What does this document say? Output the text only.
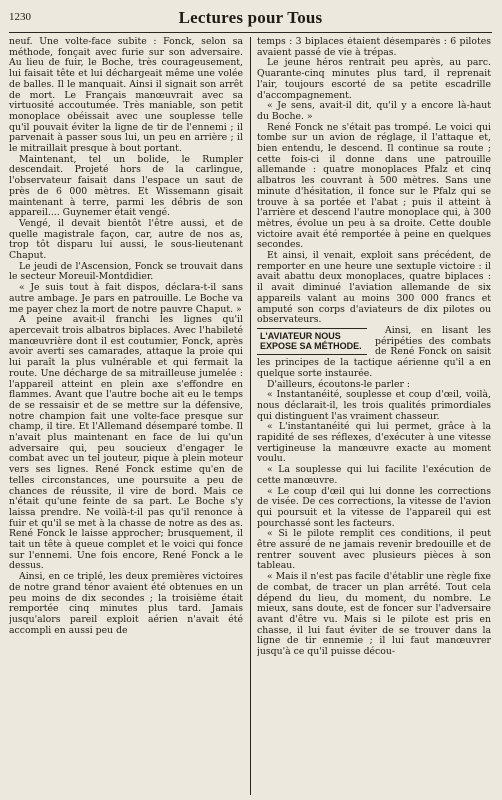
1230	Lectures pour Tous

neuf. Une volte-face subite : Fonck, selon sa méthode, fonçait avec furie sur son adversaire. Au lieu de fuir, le Boche, très courageusement, lui faisait tête et lui déchargeait même une volée de balles. Il le manquait. Ainsi il signait son arrêt de mort. Le Français manœuvrait avec sa virtuosité accoutumée. Très maniable, son petit monoplace obéissait avec une souplesse telle qu'il pouvait éviter la ligne de tir de l'ennemi ; il parvenait à passer sous lui, un peu en arrière ; il le mitraillait presque à bout portant.

Maintenant, tel un bolide, le Rumpler descendait. Projeté hors de la carlingue, l'observateur faisait dans l'espace un saut de près de 6 000 mètres. Et Wissemann gisait maintenant à terre, parmi les débris de son appareil.... Guynemer était vengé.

Vengé, il devait bientôt l'être aussi, et de quelle magistrale façon, car, autre de nos as, trop tôt disparu lui aussi, le sous-lieutenant Chaput.

Le jeudi de l'Ascension, Fonck se trouvait dans le secteur Moreuil-Montdidier.

« Je suis tout à fait dispos, déclara-t-il sans autre ambage. Je pars en patrouille. Le Boche va me payer chez la mort de notre pauvre Chaput. »

A peine avait-il franchi les lignes qu'il apercevait trois albatros biplaces. Avec l'habileté manœuvrière dont il est coutumier, Fonck, après avoir averti ses camarades, attaque la proie qui lui paraît la plus vulnérable et qui fermait la route. Une décharge de sa mitrailleuse jumelée : l'appareil atteint en plein axe s'effondre en flammes. Avant que l'autre boche ait eu le temps de se ressaisir et de se mettre sur la défensive, notre champion fait une volte-face presque sur champ, il tire. Et l'Allemand désemparé tombe. Il n'avait plus maintenant en face de lui qu'un adversaire qui, peu soucieux d'engager le combat avec un tel jouteur, pique à plein moteur vers ses lignes. René Fonck estime qu'en de telles circonstances, une poursuite a peu de chances de réussite, il vire de bord. Mais ce n'était qu'une feinte de sa part. Le Boche s'y laissa prendre. Ne voilà-t-il pas qu'il renonce à fuir et qu'il se met à la chasse de notre as des as. René Fonck le laisse approcher; brusquement, il tait un tête à queue complet et le voici qui fonce sur l'ennemi. Une fois encore, René Fonck a le dessus.

Ainsi, en ce triplé, les deux premières victoires de notre grand ténor avaient été obtenues en un peu moins de dix secondes ; la troisième était remportée cinq minutes plus tard. Jamais jusqu'alors pareil exploit aérien n'avait été accompli en aussi peu de

temps : 3 biplaces étaient désemparés : 6 pilotes avaient passé de vie à trépas.

Le jeune héros rentrait peu après, au parc. Quarante-cinq minutes plus tard, il reprenait l'air, toujours escorté de sa petite escadrille d'accompagnement.

« Je sens, avait-il dit, qu'il y a encore là-haut du Boche. »

René Fonck ne s'était pas trompé. Le voici qui tombe sur un avion de réglage, il l'attaque et, bien entendu, le descend. Il continue sa route ; cette fois-ci il donne dans une patrouille allemande : quatre monoplaces Pfalz et cinq albatros les couvrant à 500 mètres. Sans une minute d'hésitation, il fonce sur le Pfalz qui se trouve à sa portée et l'abat ; puis il atteint à l'arrière et descend l'autre monoplace qui, à 300 mètres, évolue un peu à sa droite. Cette double victoire avait été remportée à peine en quelques secondes.

Et ainsi, il venait, exploit sans précédent, de remporter en une heure une sextuple victoire : il avait abattu deux monoplaces, quatre biplaces : il avait diminué l'aviation allemande de six appareils valant au moins 300 000 francs et amputé son corps d'aviateurs de dix pilotes ou observateurs.

L'AVIATEUR NOUS EXPOSE SA MÉTHODE.

Ainsi, en lisant les péripéties des combats de René Fonck on saisit les principes de la tactique aérienne qu'il a en quelque sorte instaurée.

D'ailleurs, écoutons-le parler :

« Instantanéité, souplesse et coup d'œil, voilà, nous déclarait-il, les trois qualités primordiales qui distinguent l'as vraiment chasseur.

« L'instantanéité qui lui permet, grâce à la rapidité de ses réflexes, d'exécuter à une vitesse vertigineuse la manœuvre exacte au moment voulu.

« La souplesse qui lui facilite l'exécution de cette manœuvre.

« Le coup d'œil qui lui donne les corrections de visée. De ces corrections, la vitesse de l'avion qui poursuit et la vitesse de l'appareil qui est pourchassé sont les facteurs.

« Si le pilote remplit ces conditions, il peut être assuré de ne jamais revenir bredouille et de rentrer souvent avec plusieurs pièces à son tableau.

« Mais il n'est pas facile d'établir une règle fixe de combat, de tracer un plan arrêté. Tout cela dépend du lieu, du moment, du nombre. Le mieux, sans doute, est de foncer sur l'adversaire avant d'être vu. Mais si le pilote est pris en chasse, il lui faut éviter de se trouver dans la ligne de tir ennemie ; il lui faut manœuvrer jusqu'à ce qu'il puisse décou-
